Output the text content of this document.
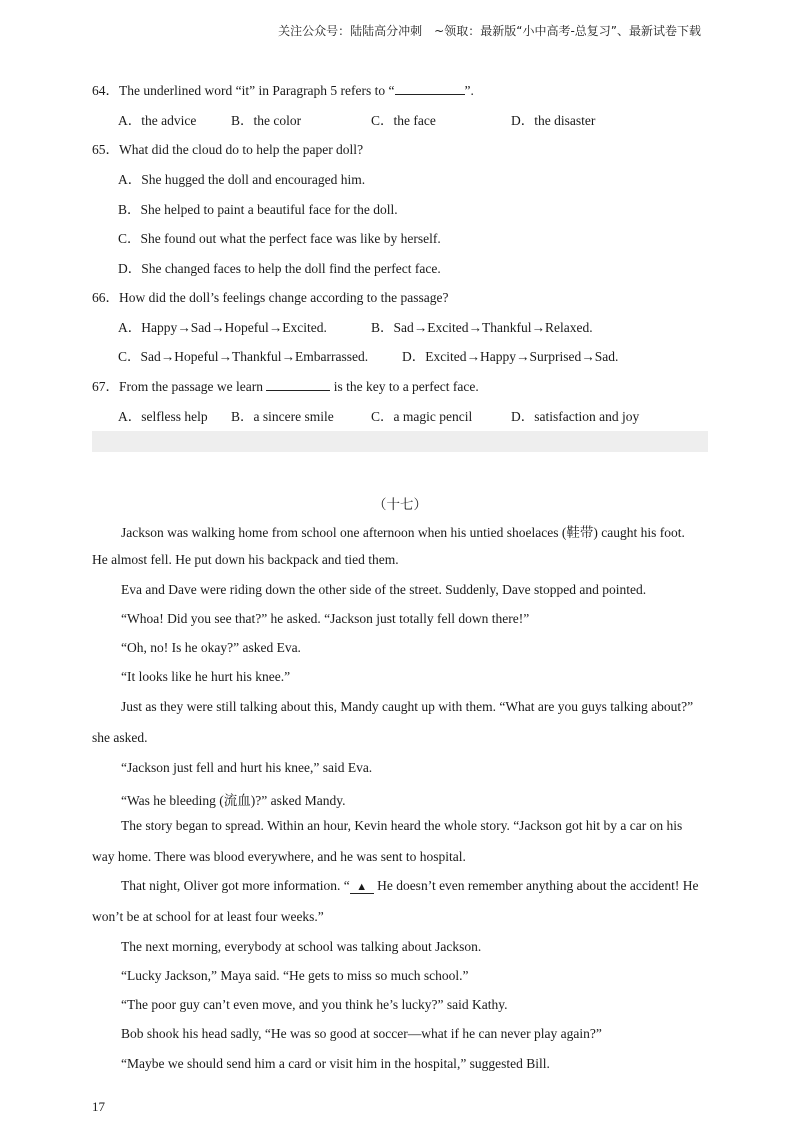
关注公众号：陆陆高分冲刺　~领取：最新版“小中高考-总复习”、最新试卷下载
64．The underlined word “it” in Paragraph 5 refers to “	”.
A．the advice	B．the color	C．the face	D．the disaster
65．What did the cloud do to help the paper doll?
A．She hugged the doll and encouraged him.
B．She helped to paint a beautiful face for the doll.
C．She found out what the perfect face was like by herself.
D．She changed faces to help the doll find the perfect face.
66．How did the doll’s feelings change according to the passage?
A．Happy→Sad→Hopeful→Excited.	B．Sad→Excited→Thankful→Relaxed.
C．Sad→Hopeful→Thankful→Embarrassed.	D．Excited→Happy→Surprised→Sad.
67．From the passage we learn	is the key to a perfect face.
A．selfless help B．a sincere smile	C．a magic pencil	D．satisfaction and joy
（十七）
Jackson was walking home from school one afternoon when his untied shoelaces (鞋带) caught his foot.
He almost fell. He put down his backpack and tied them.
Eva and Dave were riding down the other side of the street. Suddenly, Dave stopped and pointed.
“Whoa! Did you see that?” he asked. “Jackson just totally fell down there!”
“Oh, no! Is he okay?” asked Eva.
“It looks like he hurt his knee.”
Just as they were still talking about this, Mandy caught up with them. “What are you guys talking about?”
she asked.
“Jackson just fell and hurt his knee,” said Eva.
“Was he bleeding (流血)?” asked Mandy.
The story began to spread. Within an hour, Kevin heard the whole story. “Jackson got hit by a car on his
way home. There was blood everywhere, and he was sent to hospital.
That night, Oliver got more information. “ ▲ He doesn’t even remember anything about the accident! He
won’t be at school for at least four weeks.”
The next morning, everybody at school was talking about Jackson.
“Lucky Jackson,” Maya said. “He gets to miss so much school.”
“The poor guy can’t even move, and you think he’s lucky?” said Kathy.
Bob shook his head sadly, “He was so good at soccer—what if he can never play again?”
“Maybe we should send him a card or visit him in the hospital,” suggested Bill.
17
